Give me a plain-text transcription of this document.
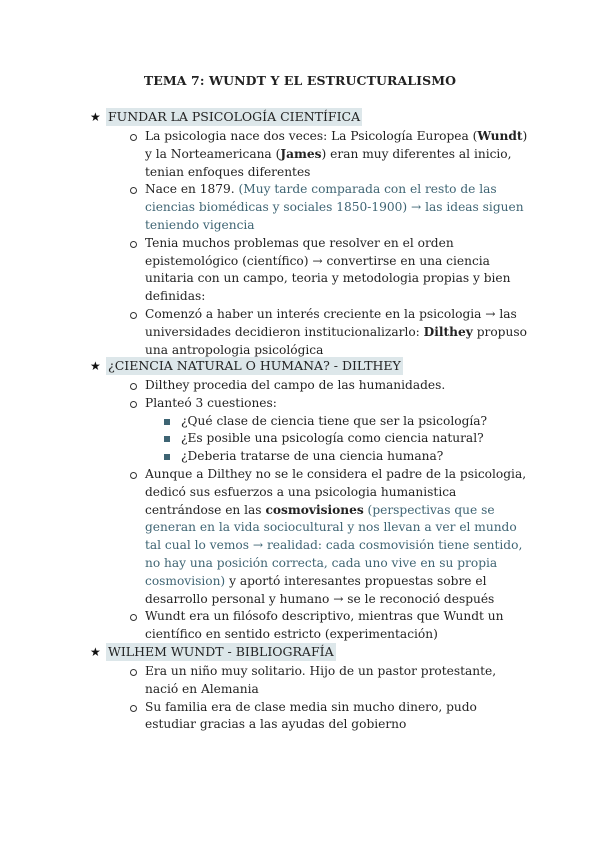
TEMA 7: WUNDT Y EL ESTRUCTURALISMO
★ FUNDAR LA PSICOLOGÍA CIENTÍFICA
La psicologia nace dos veces: La Psicología Europea (Wundt) y la Norteamericana (James) eran muy diferentes al inicio, tenian enfoques diferentes
Nace en 1879. (Muy tarde comparada con el resto de las ciencias biomédicas y sociales 1850-1900) → las ideas siguen teniendo vigencia
Tenia muchos problemas que resolver en el orden epistemológico (científico) → convertirse en una ciencia unitaria con un campo, teoria y metodologia propias y bien definidas:
Comenzó a haber un interés creciente en la psicologia → las universidades decidieron institucionalizarlo: Dilthey propuso una antropologia psicológica
★ ¿CIENCIA NATURAL O HUMANA? - DILTHEY
Dilthey procedia del campo de las humanidades.
Planteó 3 cuestiones:
¿Qué clase de ciencia tiene que ser la psicología?
¿Es posible una psicología como ciencia natural?
¿Deberia tratarse de una ciencia humana?
Aunque a Dilthey no se le considera el padre de la psicologia, dedicó sus esfuerzos a una psicologia humanistica centrándose en las cosmovisiones (perspectivas que se generan en la vida sociocultural y nos llevan a ver el mundo tal cual lo vemos → realidad: cada cosmovisión tiene sentido, no hay una posición correcta, cada uno vive en su propia cosmovision) y aportó interesantes propuestas sobre el desarrollo personal y humano → se le reconoció después
Wundt era un filósofo descriptivo, mientras que Wundt un científico en sentido estricto (experimentación)
★ WILHEM WUNDT - BIBLIOGRAFÍA
Era un niño muy solitario. Hijo de un pastor protestante, nació en Alemania
Su familia era de clase media sin mucho dinero, pudo estudiar gracias a las ayudas del gobierno
